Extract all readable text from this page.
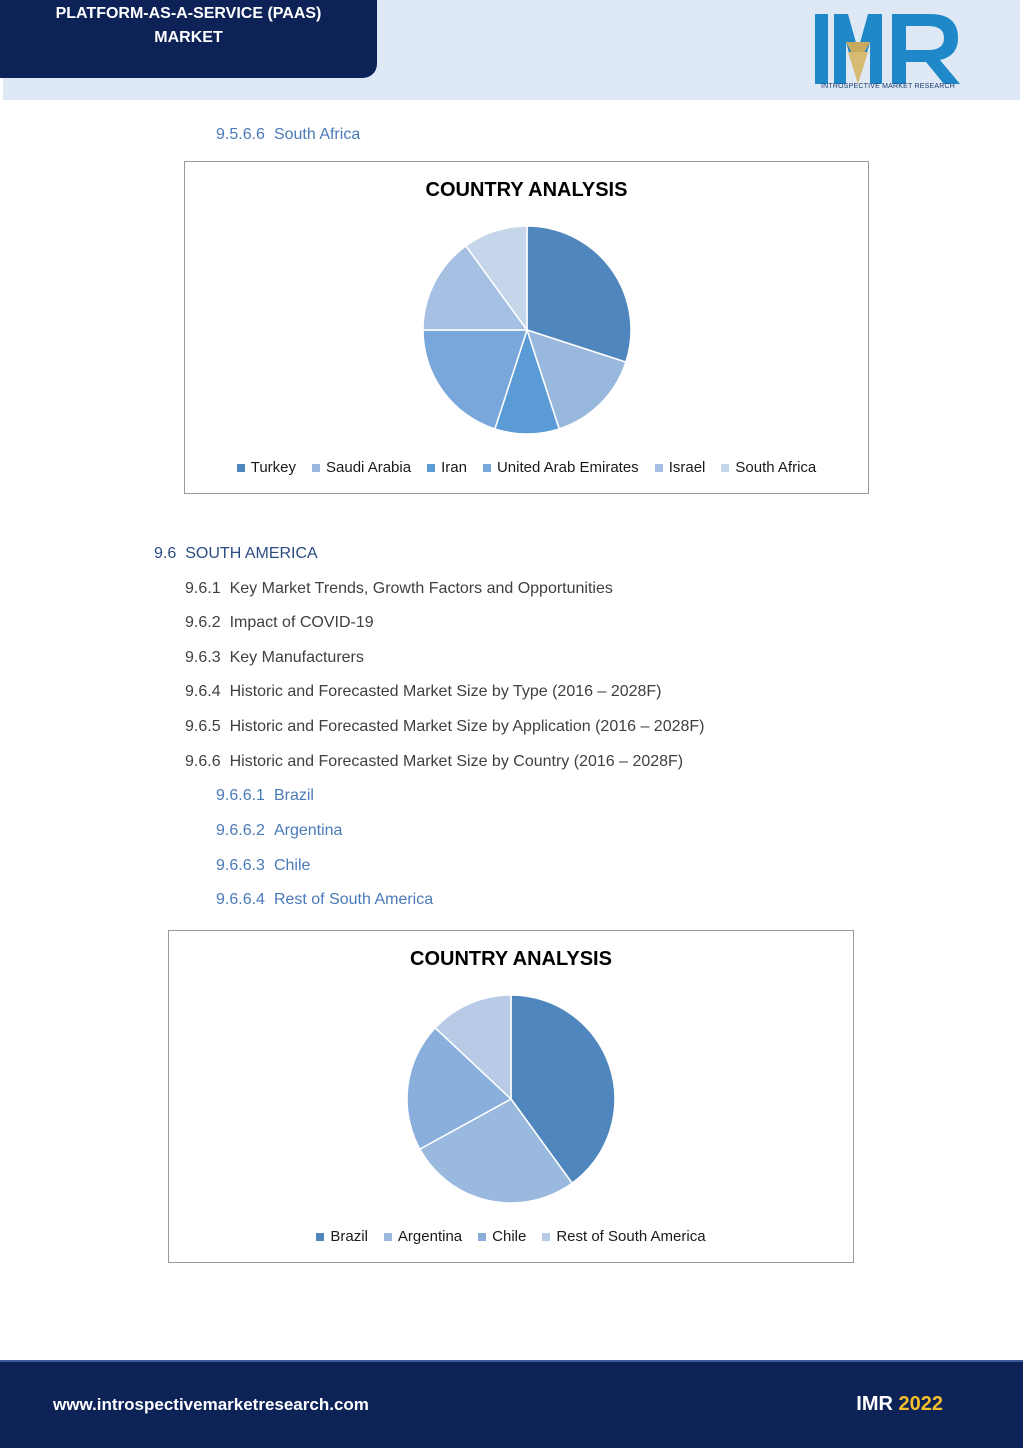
PLATFORM-AS-A-SERVICE (PAAS)
MARKET
INTROSPECTIVE MARKET RESEARCH
9.5.6.6 South Africa
COUNTRY ANALYSIS
Turkey Saudi Arabia Iran United Arab Emirates Israel South Africa
9.6 SOUTH AMERICA
9.6.1 Key Market Trends, Growth Factors and Opportunities
9.6.2 Impact of COVID-19
9.6.3 Key Manufacturers
9.6.4 Historic and Forecasted Market Size by Type (2016 – 2028F)
9.6.5 Historic and Forecasted Market Size by Application (2016 – 2028F)
9.6.6 Historic and Forecasted Market Size by Country (2016 – 2028F)
9.6.6.1 Brazil
9.6.6.2 Argentina
9.6.6.3 Chile
9.6.6.4 Rest of South America
COUNTRY ANALYSIS
Brazil Argentina Chile Rest of South America
www.introspectivemarketresearch.com	IMR 2022
